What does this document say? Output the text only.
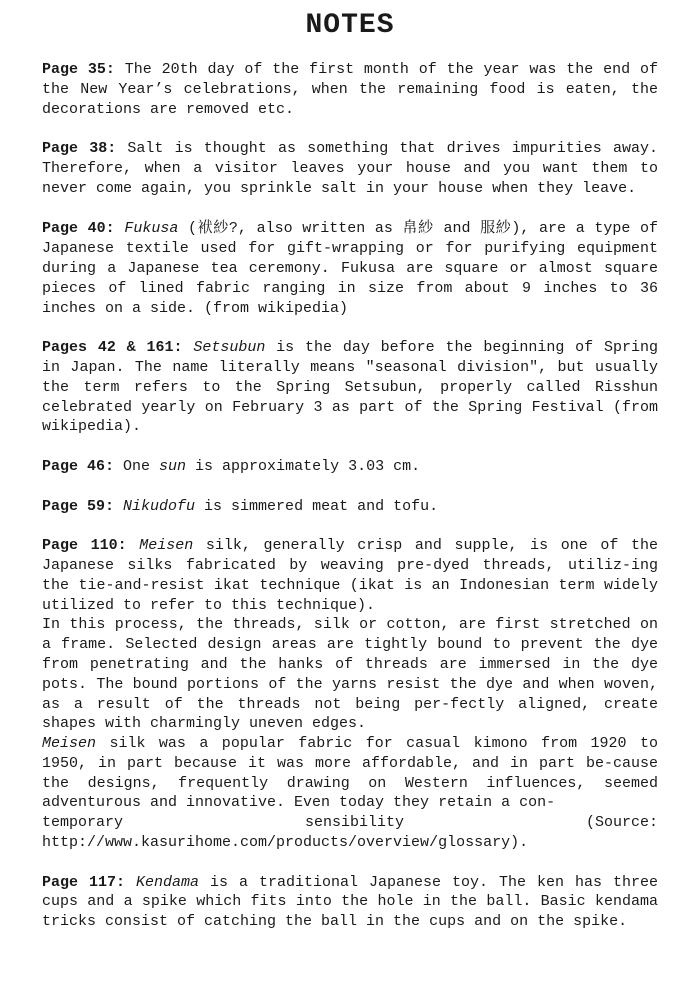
NOTES
Page 35: The 20th day of the first month of the year was the end of the New Year’s celebrations, when the remaining food is eaten, the decorations are removed etc.
Page 38: Salt is thought as something that drives impurities away. Therefore, when a visitor leaves your house and you want them to never come again, you sprinkle salt in your house when they leave.
Page 40: Fukusa (袱紗?, also written as 帛紗 and 服紗), are a type of Japanese textile used for gift-wrapping or for purifying equipment during a Japanese tea ceremony. Fukusa are square or almost square pieces of lined fabric ranging in size from about 9 inches to 36 inches on a side. (from wikipedia)
Pages 42 & 161: Setsubun is the day before the beginning of Spring in Japan. The name literally means "seasonal division", but usually the term refers to the Spring Setsubun, properly called Risshun celebrated yearly on February 3 as part of the Spring Festival (from wikipedia).
Page 46: One sun is approximately 3.03 cm.
Page 59: Nikudofu is simmered meat and tofu.

Page 110: Meisen silk, generally crisp and supple, is one of the Japanese silks fabricated by weaving pre-dyed threads, utiliz-ing the tie-and-resist ikat technique (ikat is an Indonesian term widely utilized to refer to this technique).

In this process, the threads, silk or cotton, are first stretched on a frame. Selected design areas are tightly bound to prevent the dye from penetrating and the hanks of threads are immersed in the dye pots. The bound portions of the yarns resist the dye and when woven, as a result of the threads not being per-fectly aligned, create shapes with charmingly uneven edges.

Meisen silk was a popular fabric for casual kimono from 1920 to 1950, in part because it was more affordable, and in part be-cause the designs, frequently drawing on Western influences, seemed adventurous and innovative. Even today they retain a con-
temporary sensibility (Source:
http://www.kasurihome.com/products/overview/glossary).

Page 117: Kendama is a traditional Japanese toy. The ken has three cups and a spike which fits into the hole in the ball. Basic kendama tricks consist of catching the ball in the cups and on the spike.
